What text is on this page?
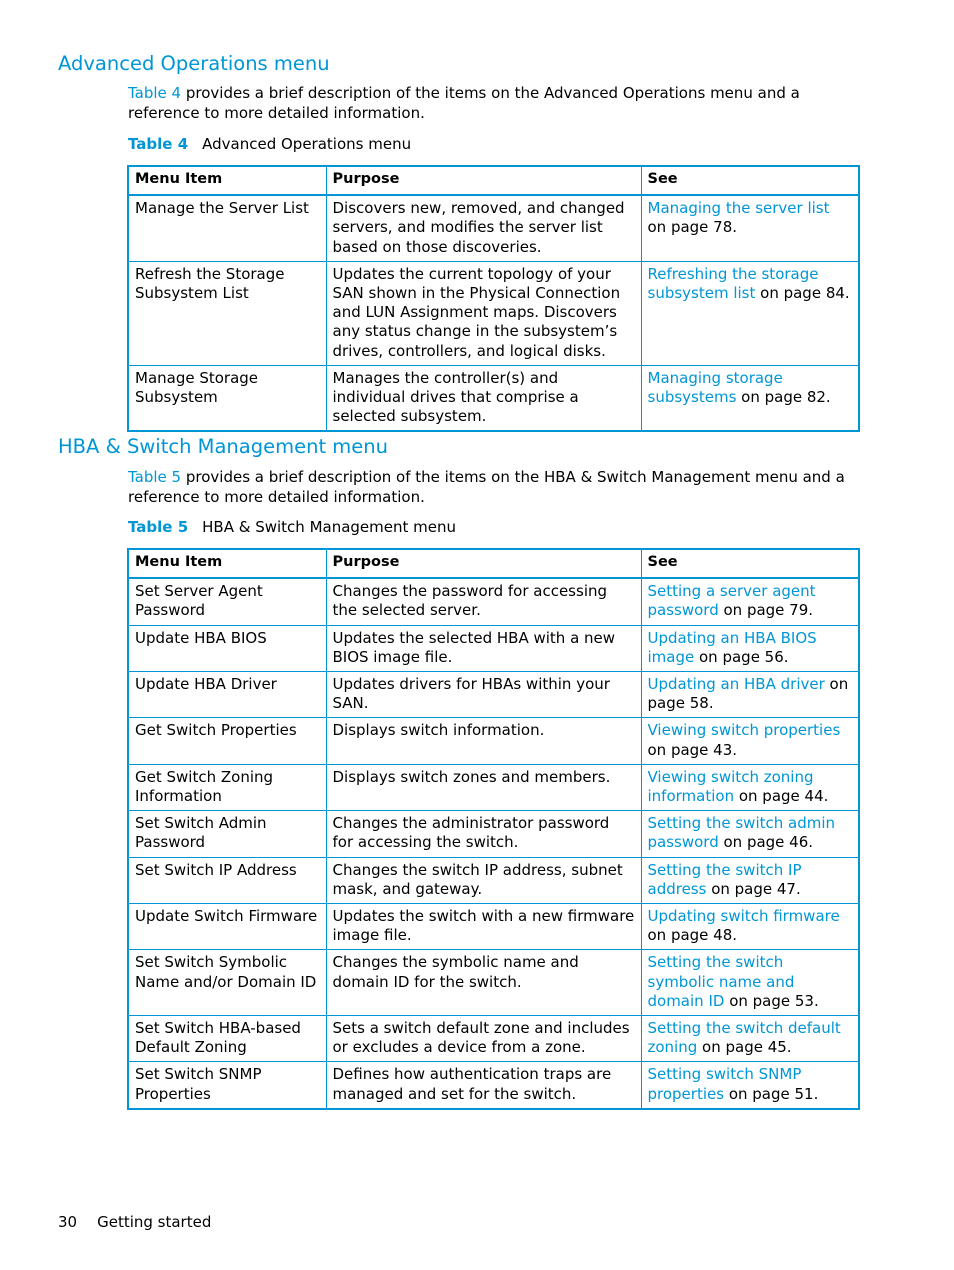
Advanced Operations menu

Table 4 provides a brief description of the items on the Advanced Operations menu and a reference to more detailed information.

Table 4 Advanced Operations menu

Menu Item	Purpose	See
Manage the Server List	Discovers new, removed, and changed servers, and modifies the server list based on those discoveries.	Managing the server list on page 78.
Refresh the Storage Subsystem List	Updates the current topology of your SAN shown in the Physical Connection and LUN Assignment maps. Discovers any status change in the subsystem’s drives, controllers, and logical disks.	Refreshing the storage subsystem list on page 84.
Manage Storage Subsystem	Manages the controller(s) and individual drives that comprise a selected subsystem.	Managing storage subsystems on page 82.
HBA & Switch Management menu

Table 5 provides a brief description of the items on the HBA & Switch Management menu and a reference to more detailed information.

Table 5 HBA & Switch Management menu

Menu Item	Purpose	See
Set Server Agent Password	Changes the password for accessing the selected server.	Setting a server agent password on page 79.
Update HBA BIOS	Updates the selected HBA with a new BIOS image file.	Updating an HBA BIOS image on page 56.
Update HBA Driver	Updates drivers for HBAs within your SAN.	Updating an HBA driver on page 58.
Get Switch Properties	Displays switch information.	Viewing switch properties on page 43.
Get Switch Zoning Information	Displays switch zones and members.	Viewing switch zoning information on page 44.
Set Switch Admin Password	Changes the administrator password for accessing the switch.	Setting the switch admin password on page 46.
Set Switch IP Address	Changes the switch IP address, subnet mask, and gateway.	Setting the switch IP address on page 47.
Update Switch Firmware	Updates the switch with a new firmware image file.	Updating switch firmware on page 48.
Set Switch Symbolic Name and/or Domain ID	Changes the symbolic name and domain ID for the switch.	Setting the switch symbolic name and domain ID on page 53.
Set Switch HBA-based Default Zoning	Sets a switch default zone and includes or excludes a device from a zone.	Setting the switch default zoning on page 45.
Set Switch SNMP Properties	Defines how authentication traps are managed and set for the switch.	Setting switch SNMP properties on page 51.
30 Getting started
